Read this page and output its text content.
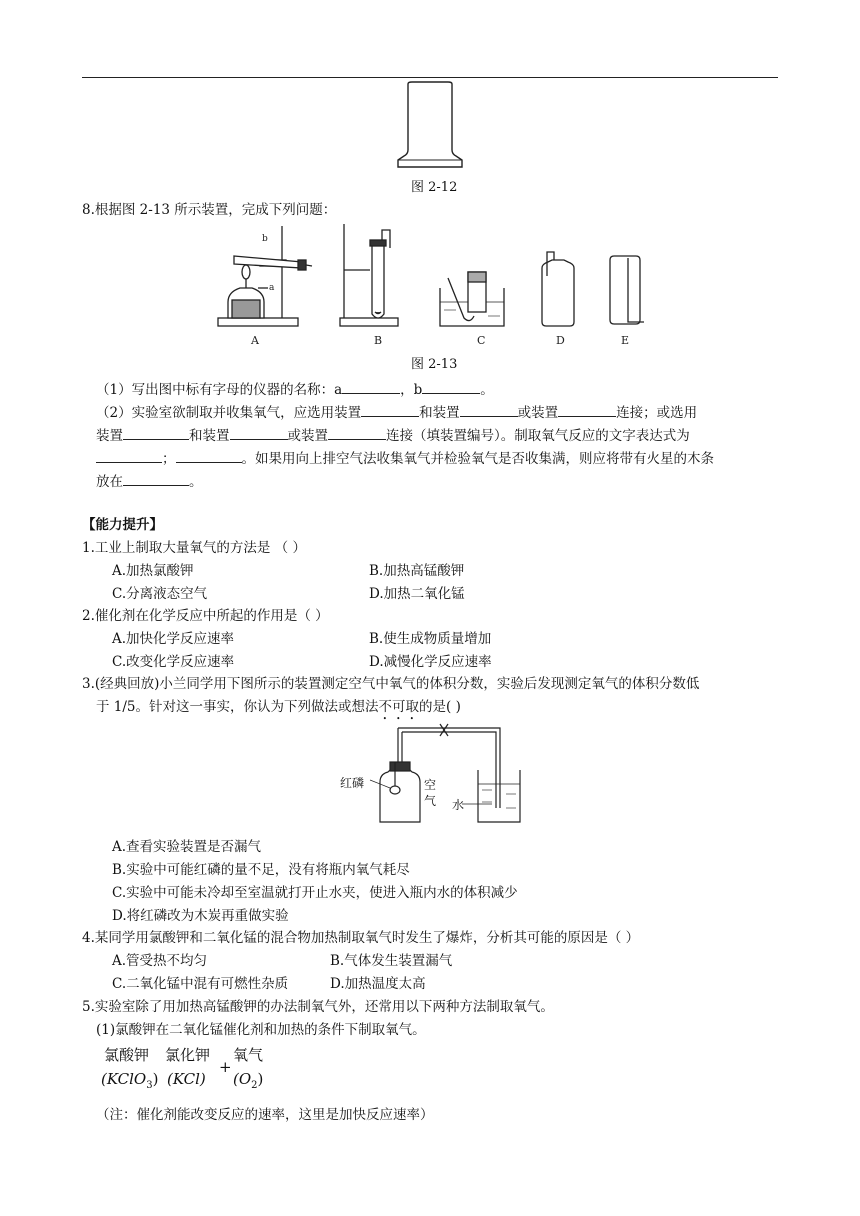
图 2-12
8.根据图 2-13 所示装置，完成下列问题：
b
a
A	B	C	D	E
图 2-13
（1）写出图中标有字母的仪器的名称：a	，b	。
（2）实验室欲制取并收集氧气，应选用装置	和装置	或装置	连接；或选用
装置	和装置	或装置	连接（填装置编号）。制取氧气反应的文字表达式为
；	。如果用向上排空气法收集氧气并检验氧气是否收集满，则应将带有火星的木条
放在	。
【能力提升】
1.工业上制取大量氧气的方法是 （ ）
A.加热氯酸钾	B.加热高锰酸钾
C.分离液态空气	D.加热二氧化锰
2.催化剂在化学反应中所起的作用是（ ）
A.加快化学反应速率	B.使生成物质量增加
C.改变化学反应速率	D.减慢化学反应速率
3.(经典回放)小兰同学用下图所示的装置测定空气中氧气的体积分数，实验后发现测定氧气的体积分数低
于 1/5。针对这一事实，你认为下列做法或想法不可取的是( )
红磷	空
气 水
A.查看实验装置是否漏气
B.实验中可能红磷的量不足，没有将瓶内氧气耗尽
C.实验中可能未冷却至室温就打开止水夹，使进入瓶内水的体积减少
D.将红磷改为木炭再重做实验
4.某同学用氯酸钾和二氧化锰的混合物加热制取氧气时发生了爆炸，分析其可能的原因是（ ）
A.管受热不均匀	B.气体发生装置漏气
C.二氧化锰中混有可燃性杂质	D.加热温度太高
5.实验室除了用加热高锰酸钾的办法制氧气外，还常用以下两种方法制取氧气。
(1)氯酸钾在二氧化锰催化剂和加热的条件下制取氧气。
氯酸钾
(KClO$_3$)
氯化钾
(KCl)
+
氧气
$(O_2)$
（注：催化剂能改变反应的速率，这里是加快反应速率）
